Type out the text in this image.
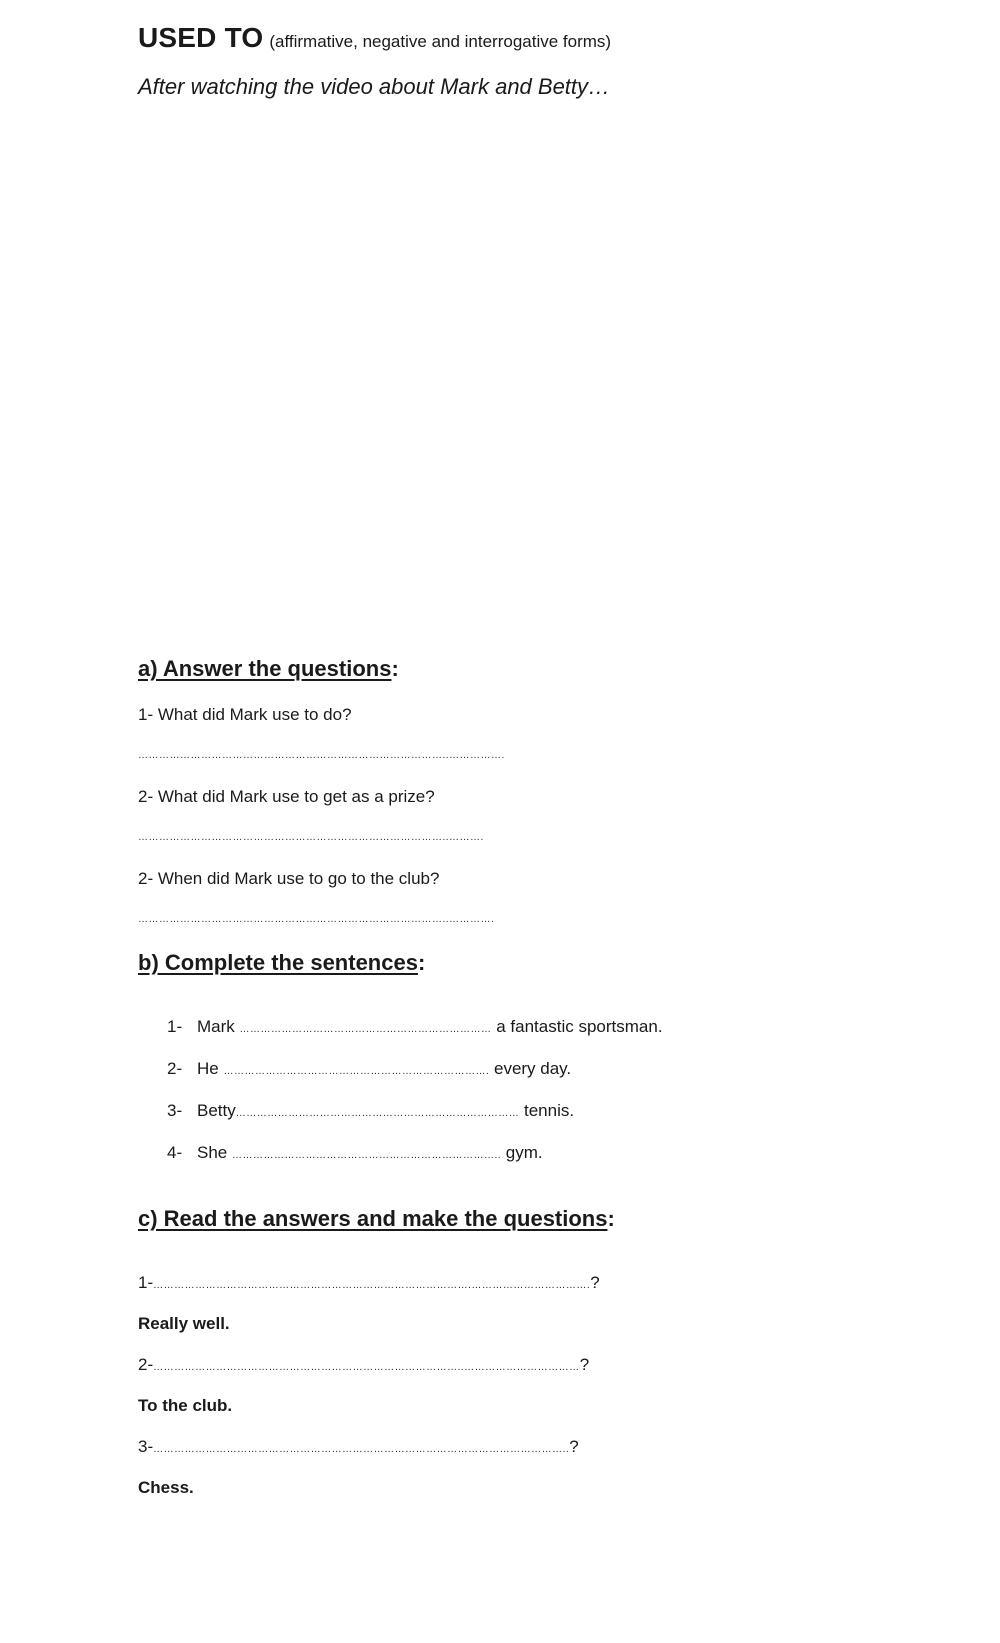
USED TO (affirmative, negative and interrogative forms)
After watching the video about Mark and Betty…
a) Answer the questions:
1- What did Mark use to do?
……………………………………………………………………………..…………….
2- What did Mark use to get as a prize?
……………………………………………………………………………..……….
2- When did Mark use to go to the club?
……………………………………………………………………………..………….
b) Complete the sentences:
1- Mark ……………………………………………………………… a fantastic sportsman.
2- He …………………………………………………………………. every day.
3- Betty……………………………………………………………………… tennis.
4- She ………………………………………………………………….. gym.
c) Read the answers and make the questions:
1-……………………………………………………………………………….…………………………….?
Really well.
2-……………………………………………………………………………..……………………………?
To the club.
3-………………………………………………………………………………………………………..?
Chess.
